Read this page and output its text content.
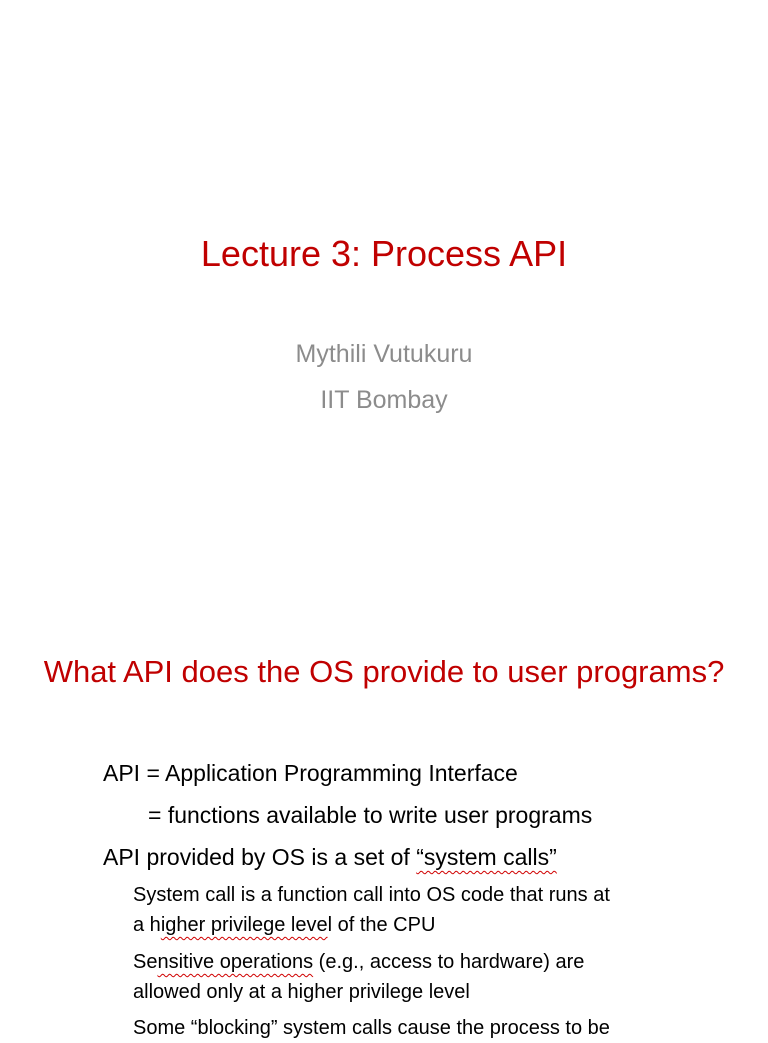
Lecture 3: Process API
Mythili Vutukuru
IIT Bombay
What API does the OS provide to user programs?
API = Application Programming Interface
= functions available to write user programs
API provided by OS is a set of “system calls”
System call is a function call into OS code that runs at
a higher privilege level of the CPU
Sensitive operations (e.g., access to hardware) are
allowed only at a higher privilege level
Some “blocking” system calls cause the process to be
